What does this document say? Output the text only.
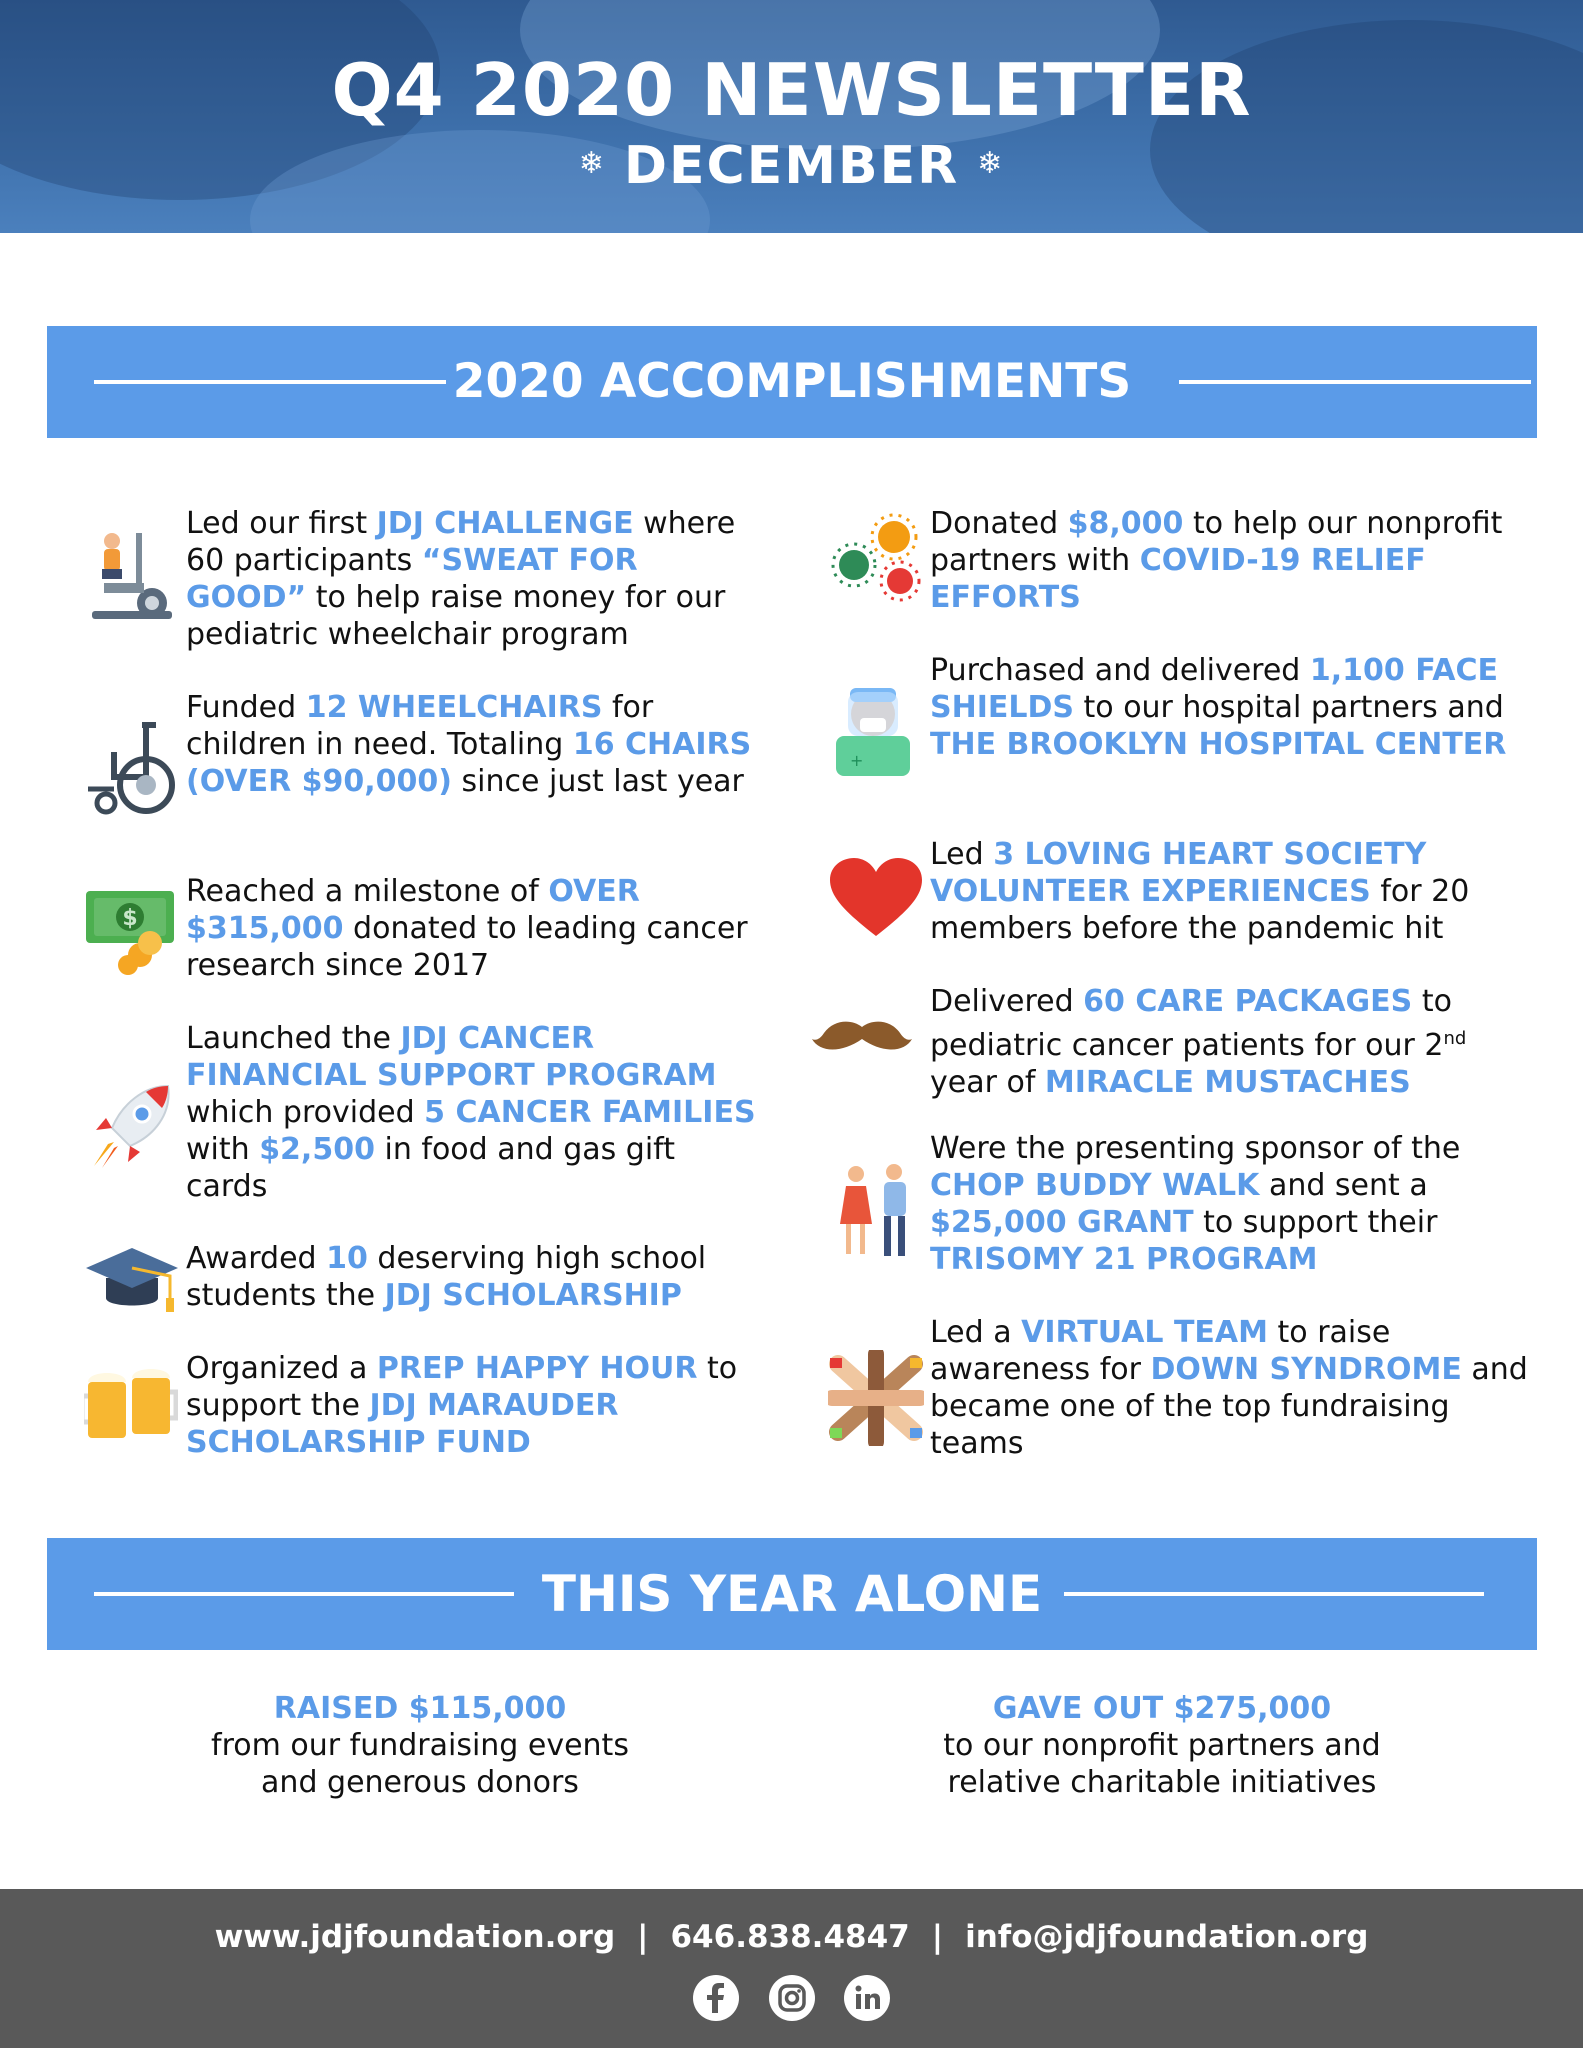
Q4 2020 NEWSLETTER
❄ DECEMBER ❄
2020 ACCOMPLISHMENTS
Led our first JDJ CHALLENGE where 60 participants “SWEAT FOR GOOD” to help raise money for our pediatric wheelchair program
Funded 12 WHEELCHAIRS for children in need. Totaling 16 CHAIRS (OVER $90,000) since just last year
$
Reached a milestone of OVER $315,000 donated to leading cancer research since 2017
Launched the JDJ CANCER FINANCIAL SUPPORT PROGRAM which provided 5 CANCER FAMILIES with $2,500 in food and gas gift cards
Awarded 10 deserving high school students the JDJ SCHOLARSHIP
Organized a PREP HAPPY HOUR to support the JDJ MARAUDER SCHOLARSHIP FUND
Donated $8,000 to help our nonprofit partners with COVID-19 RELIEF EFFORTS
+
Purchased and delivered 1,100 FACE SHIELDS to our hospital partners and THE BROOKLYN HOSPITAL CENTER
Led 3 LOVING HEART SOCIETY VOLUNTEER EXPERIENCES for 20 members before the pandemic hit
Delivered 60 CARE PACKAGES to pediatric cancer patients for our 2nd year of MIRACLE MUSTACHES
Were the presenting sponsor of the CHOP BUDDY WALK and sent a $25,000 GRANT to support their TRISOMY 21 PROGRAM
Led a VIRTUAL TEAM to raise awareness for DOWN SYNDROME and became one of the top fundraising teams
THIS YEAR ALONE
RAISED $115,000
from our fundraising events
and generous donors
GAVE OUT $275,000
to our nonprofit partners and
relative charitable initiatives
www.jdjfoundation.org | 646.838.4847 | info@jdjfoundation.org
